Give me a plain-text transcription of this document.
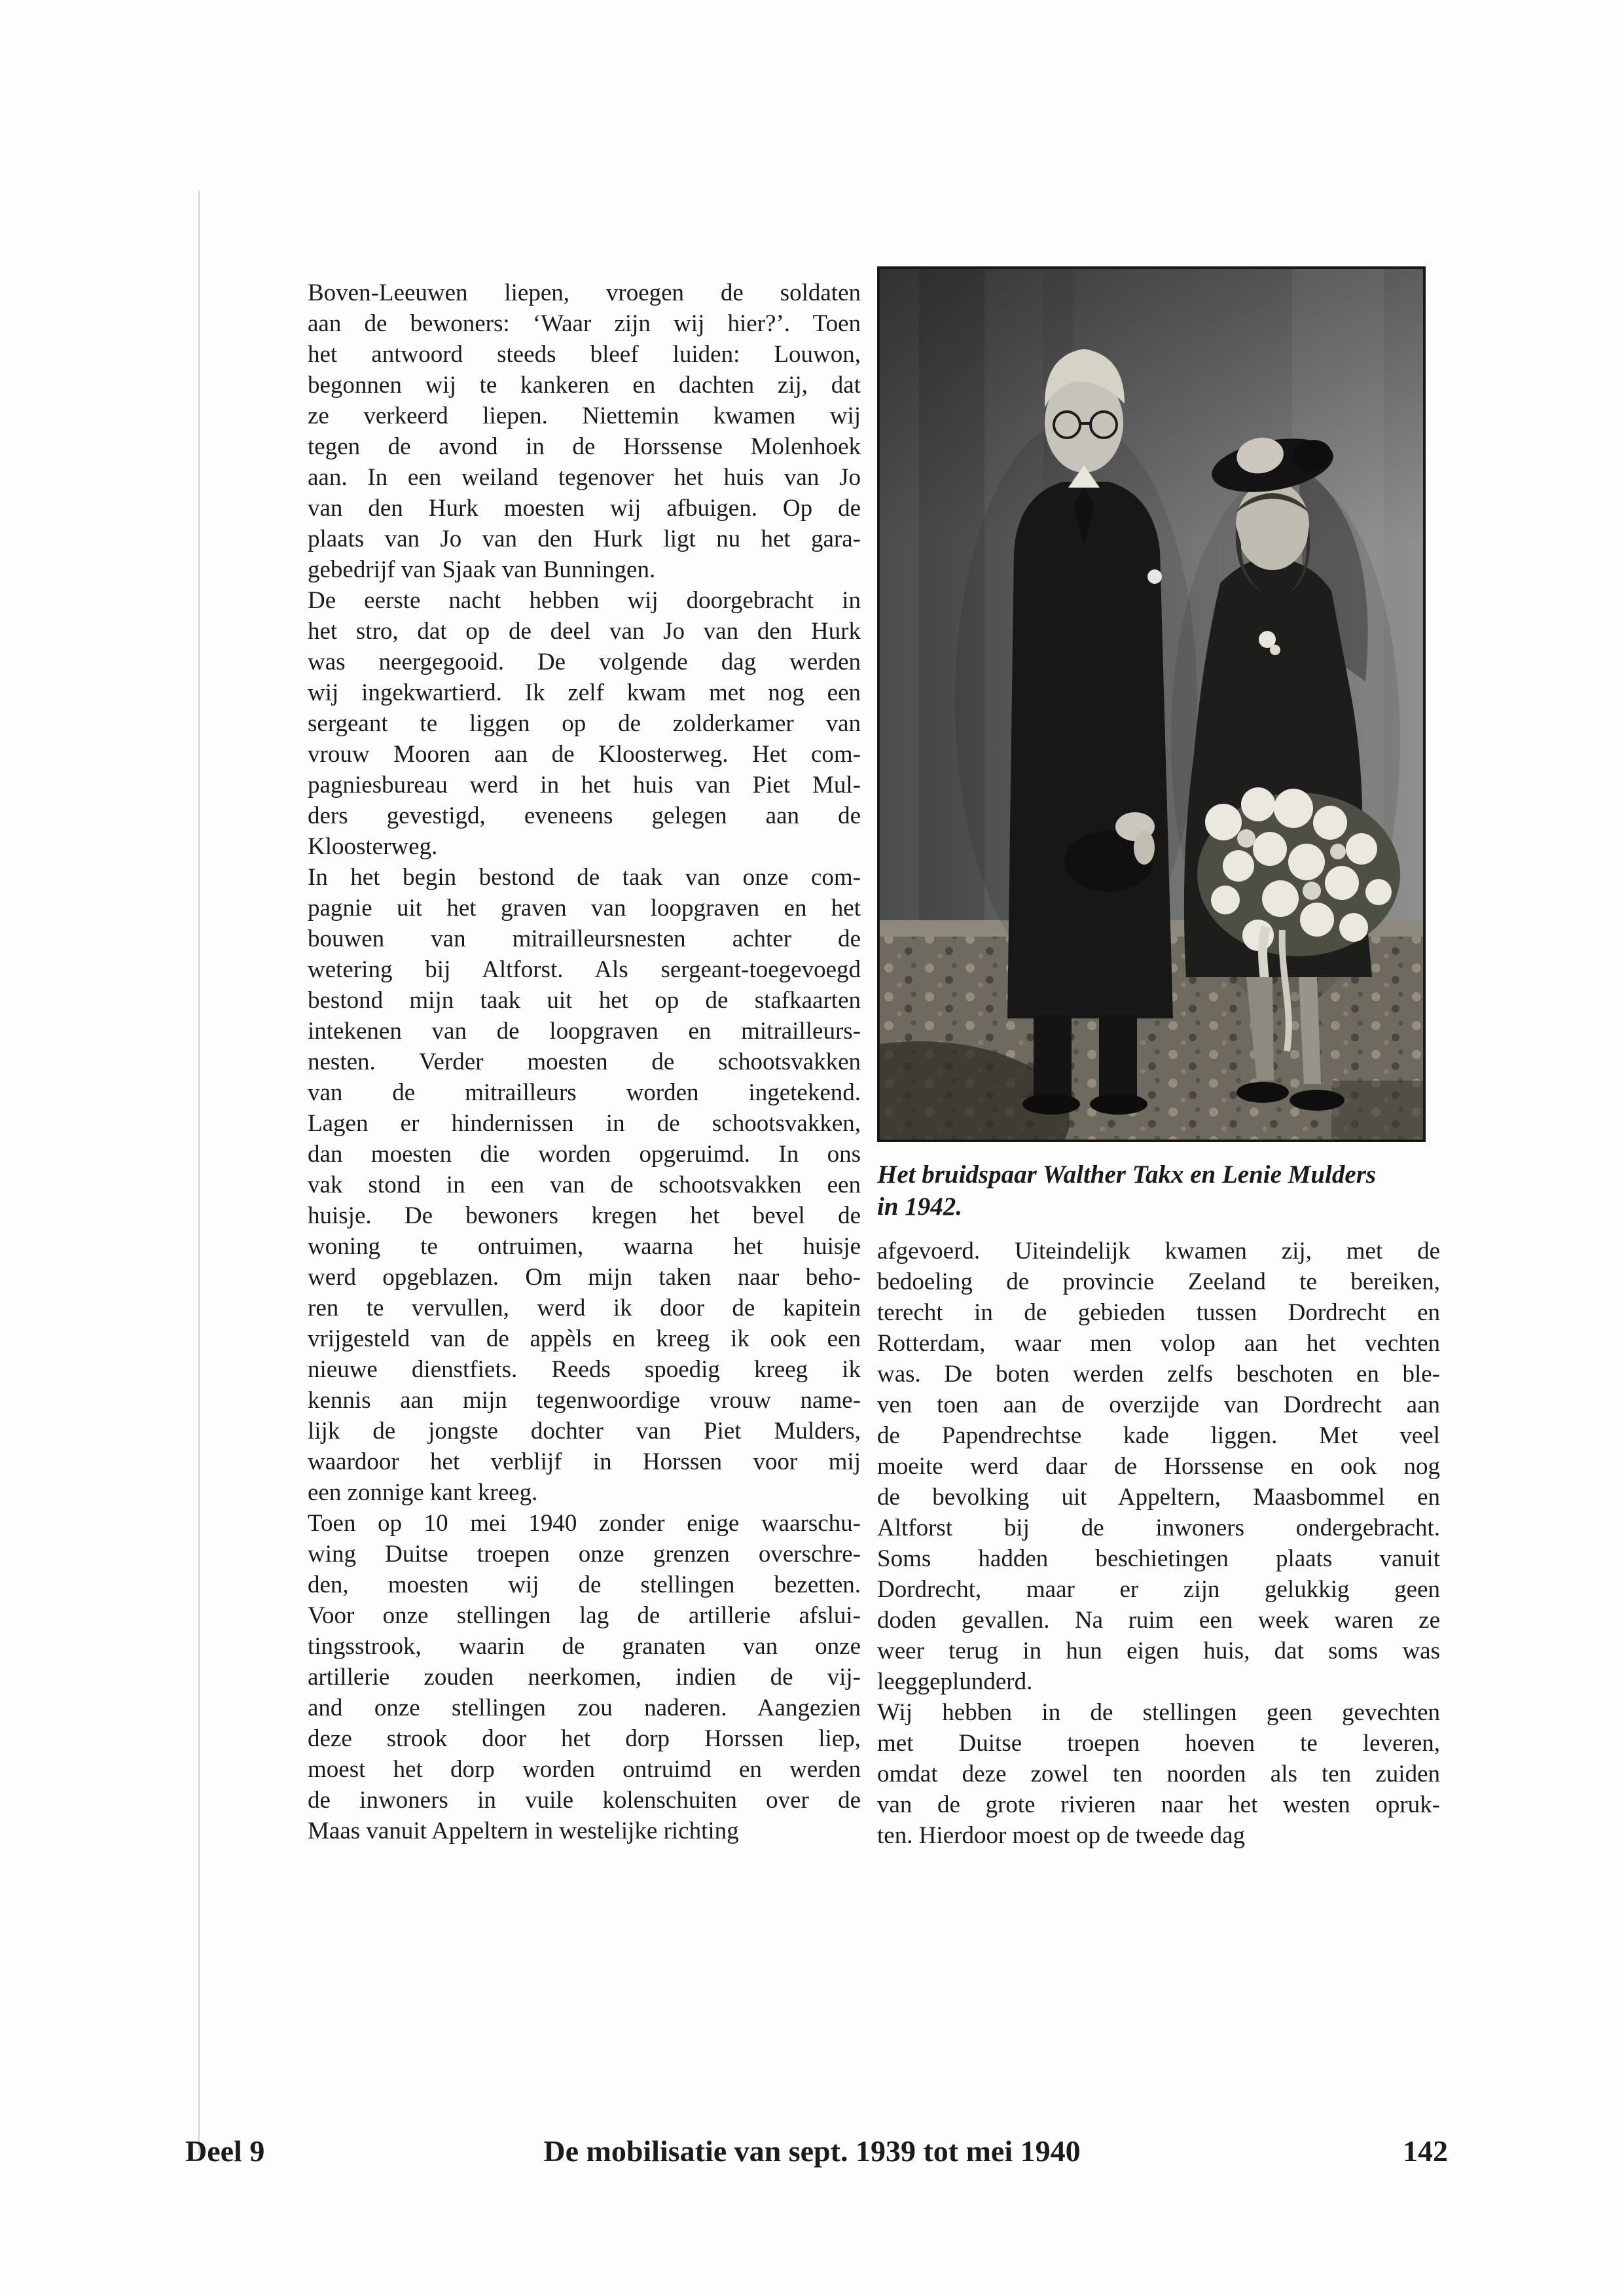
Boven-Leeuwen liepen, vroegen de soldaten
aan de bewoners: ‘Waar zijn wij hier?’. Toen
het antwoord steeds bleef luiden: Louwon,
begonnen wij te kankeren en dachten zij, dat
ze verkeerd liepen. Niettemin kwamen wij
tegen de avond in de Horssense Molenhoek
aan. In een weiland tegenover het huis van Jo
van den Hurk moesten wij afbuigen. Op de
plaats van Jo van den Hurk ligt nu het gara-
gebedrijf van Sjaak van Bunningen.
De eerste nacht hebben wij doorgebracht in
het stro, dat op de deel van Jo van den Hurk
was neergegooid. De volgende dag werden
wij ingekwartierd. Ik zelf kwam met nog een
sergeant te liggen op de zolderkamer van
vrouw Mooren aan de Kloosterweg. Het com-
pagniesbureau werd in het huis van Piet Mul-
ders gevestigd, eveneens gelegen aan de
Kloosterweg.
In het begin bestond de taak van onze com-
pagnie uit het graven van loopgraven en het
bouwen van mitrailleursnesten achter de
wetering bij Altforst. Als sergeant-toegevoegd
bestond mijn taak uit het op de stafkaarten
intekenen van de loopgraven en mitrailleurs-
nesten. Verder moesten de schootsvakken
van de mitrailleurs worden ingetekend.
Lagen er hindernissen in de schootsvakken,
dan moesten die worden opgeruimd. In ons
vak stond in een van de schootsvakken een
huisje. De bewoners kregen het bevel de
woning te ontruimen, waarna het huisje
werd opgeblazen. Om mijn taken naar beho-
ren te vervullen, werd ik door de kapitein
vrijgesteld van de appèls en kreeg ik ook een
nieuwe dienstfiets. Reeds spoedig kreeg ik
kennis aan mijn tegenwoordige vrouw name-
lijk de jongste dochter van Piet Mulders,
waardoor het verblijf in Horssen voor mij
een zonnige kant kreeg.
Toen op 10 mei 1940 zonder enige waarschu-
wing Duitse troepen onze grenzen overschre-
den, moesten wij de stellingen bezetten.
Voor onze stellingen lag de artillerie afslui-
tingsstrook, waarin de granaten van onze
artillerie zouden neerkomen, indien de vij-
and onze stellingen zou naderen. Aangezien
deze strook door het dorp Horssen liep,
moest het dorp worden ontruimd en werden
de inwoners in vuile kolenschuiten over de
Maas vanuit Appeltern in westelijke richting
Het bruidspaar Walther Takx en Lenie Mulders
in 1942.
afgevoerd. Uiteindelijk kwamen zij, met de
bedoeling de provincie Zeeland te bereiken,
terecht in de gebieden tussen Dordrecht en
Rotterdam, waar men volop aan het vechten
was. De boten werden zelfs beschoten en ble-
ven toen aan de overzijde van Dordrecht aan
de Papendrechtse kade liggen. Met veel
moeite werd daar de Horssense en ook nog
de bevolking uit Appeltern, Maasbommel en
Altforst bij de inwoners ondergebracht.
Soms hadden beschietingen plaats vanuit
Dordrecht, maar er zijn gelukkig geen
doden gevallen. Na ruim een week waren ze
weer terug in hun eigen huis, dat soms was
leeggeplunderd.
Wij hebben in de stellingen geen gevechten
met Duitse troepen hoeven te leveren,
omdat deze zowel ten noorden als ten zuiden
van de grote rivieren naar het westen opruk-
ten. Hierdoor moest op de tweede dag
Deel 9	De mobilisatie van sept. 1939 tot mei 1940	142
